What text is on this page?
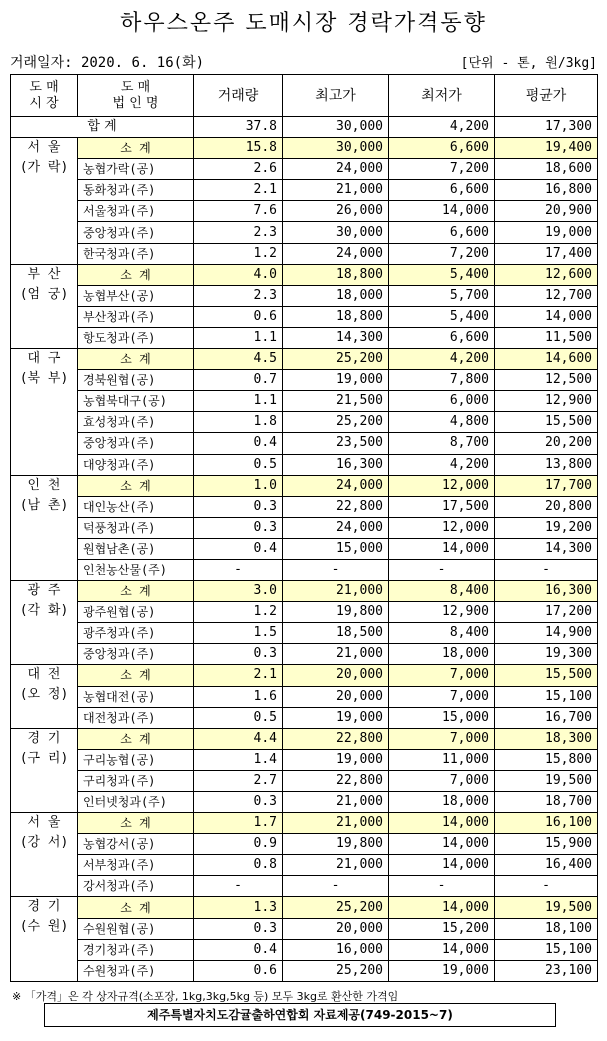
하우스온주 도매시장 경락가격동향
거래일자: 2020. 6. 16(화)	[단위 - 톤, 원/3kg]
도 매
시 장	도 매
법 인 명	거래량	최고가	최저가	평균가
합 계		37.8	30,000	4,200	17,300

서 울
(가 락)	소 계	15.8	30,000	6,600	19,400
	농협가락(공)	2.6	24,000	7,200	18,600
	동화청과(주)	2.1	21,000	6,600	16,800
	서울청과(주)	7.6	26,000	14,000	20,900
	중앙청과(주)	2.3	30,000	6,600	19,000
	한국청과(주)	1.2	24,000	7,200	17,400

부 산
(엄 궁)	소 계	4.0	18,800	5,400	12,600
	농협부산(공)	2.3	18,000	5,700	12,700
	부산청과(주)	0.6	18,800	5,400	14,000
	항도청과(주)	1.1	14,300	6,600	11,500

대 구
(북 부)	소 계	4.5	25,200	4,200	14,600
	경북원협(공)	0.7	19,000	7,800	12,500
	농협북대구(공)	1.1	21,500	6,000	12,900
	효성청과(주)	1.8	25,200	4,800	15,500
	중앙청과(주)	0.4	23,500	8,700	20,200
	대양청과(주)	0.5	16,300	4,200	13,800

인 천
(남 촌)	소 계	1.0	24,000	12,000	17,700
	대인농산(주)	0.3	22,800	17,500	20,800
	덕풍청과(주)	0.3	24,000	12,000	19,200
	원협남촌(공)	0.4	15,000	14,000	14,300
	인천농산물(주)	-	-	-	-

광 주
(각 화)	소 계	3.0	21,000	8,400	16,300
	광주원협(공)	1.2	19,800	12,900	17,200
	광주청과(주)	1.5	18,500	8,400	14,900
	중앙청과(주)	0.3	21,000	18,000	19,300

대 전
(오 정)	소 계	2.1	20,000	7,000	15,500
	농협대전(공)	1.6	20,000	7,000	15,100
	대전청과(주)	0.5	19,000	15,000	16,700

경 기
(구 리)	소 계	4.4	22,800	7,000	18,300
	구리농협(공)	1.4	19,000	11,000	15,800
	구리청과(주)	2.7	22,800	7,000	19,500
	인터넷청과(주)	0.3	21,000	18,000	18,700

서 울
(강 서)	소 계	1.7	21,000	14,000	16,100
	농협강서(공)	0.9	19,800	14,000	15,900
	서부청과(주)	0.8	21,000	14,000	16,400
	강서청과(주)	-	-	-	-

경 기
(수 원)	소 계	1.3	25,200	14,000	19,500
	수원원협(공)	0.3	20,000	15,200	18,100
	경기청과(주)	0.4	16,000	14,000	15,100
	수원청과(주)	0.6	25,200	19,000	23,100
※ 「가격」은 각 상자규격(소포장, 1kg,3kg,5kg 등) 모두 3kg로 환산한 가격임
제주특별자치도감귤출하연합회 자료제공(749-2015~7)
